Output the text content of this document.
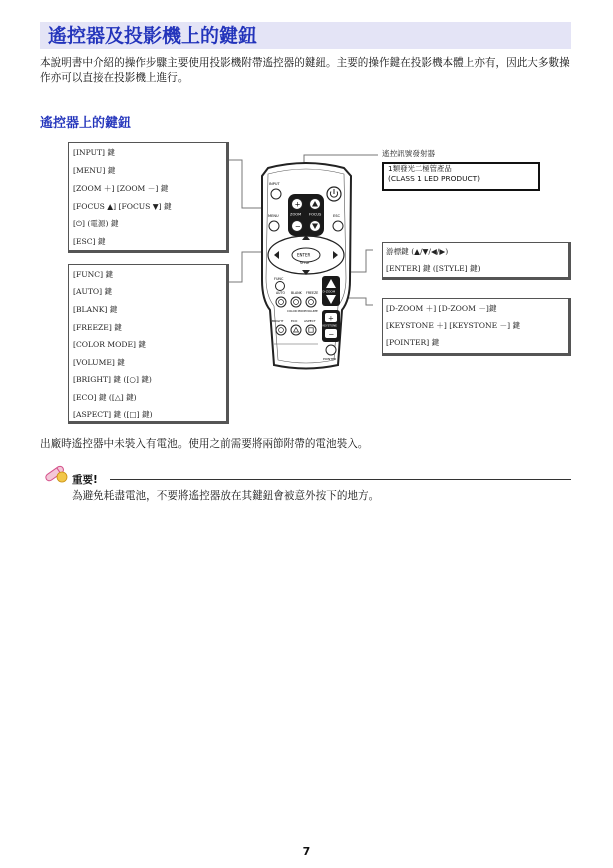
遙控器及投影機上的鍵鈕
本說明書中介紹的操作步驟主要使用投影機附帶遙控器的鍵鈕。主要的操作鍵在投影機本體上亦有，因此大多數操作亦可以直接在投影機上進行。
遙控器上的鍵鈕
[INPUT] 鍵
[MENU] 鍵
[ZOOM ＋] [ZOOM －] 鍵
[FOCUS ▲] [FOCUS ▼] 鍵
[⏻] (電源) 鍵
[ESC] 鍵
[FUNC] 鍵
[AUTO] 鍵
[BLANK] 鍵
[FREEZE] 鍵
[COLOR MODE] 鍵
[VOLUME] 鍵
[BRIGHT] 鍵 ([○] 鍵)
[ECO] 鍵 ([△] 鍵)
[ASPECT] 鍵 ([□] 鍵)
遙控訊號發射器
1類發光二極管產品
(CLASS 1 LED PRODUCT)
游標鍵 (▲/▼/◀/▶)
[ENTER] 鍵 ([STYLE] 鍵)
[D-ZOOM ＋] [D-ZOOM －]鍵
[KEYSTONE ＋] [KEYSTONE －] 鍵
[POINTER] 鍵
INPUT
MENU	ESC
+
ZOOM FOCUS
−
ENTER
STYLE
FUNC
D-ZOOM
AUTO BLANK FREEZE
COLOR MODE VOLUME
+
KEYSTONE
−
BRIGHT	ECO ASPECT
POINTER
出廠時遙控器中未裝入有電池。使用之前需要將兩節附帶的電池裝入。
重要!
為避免耗盡電池，不要將遙控器放在其鍵鈕會被意外按下的地方。
7
